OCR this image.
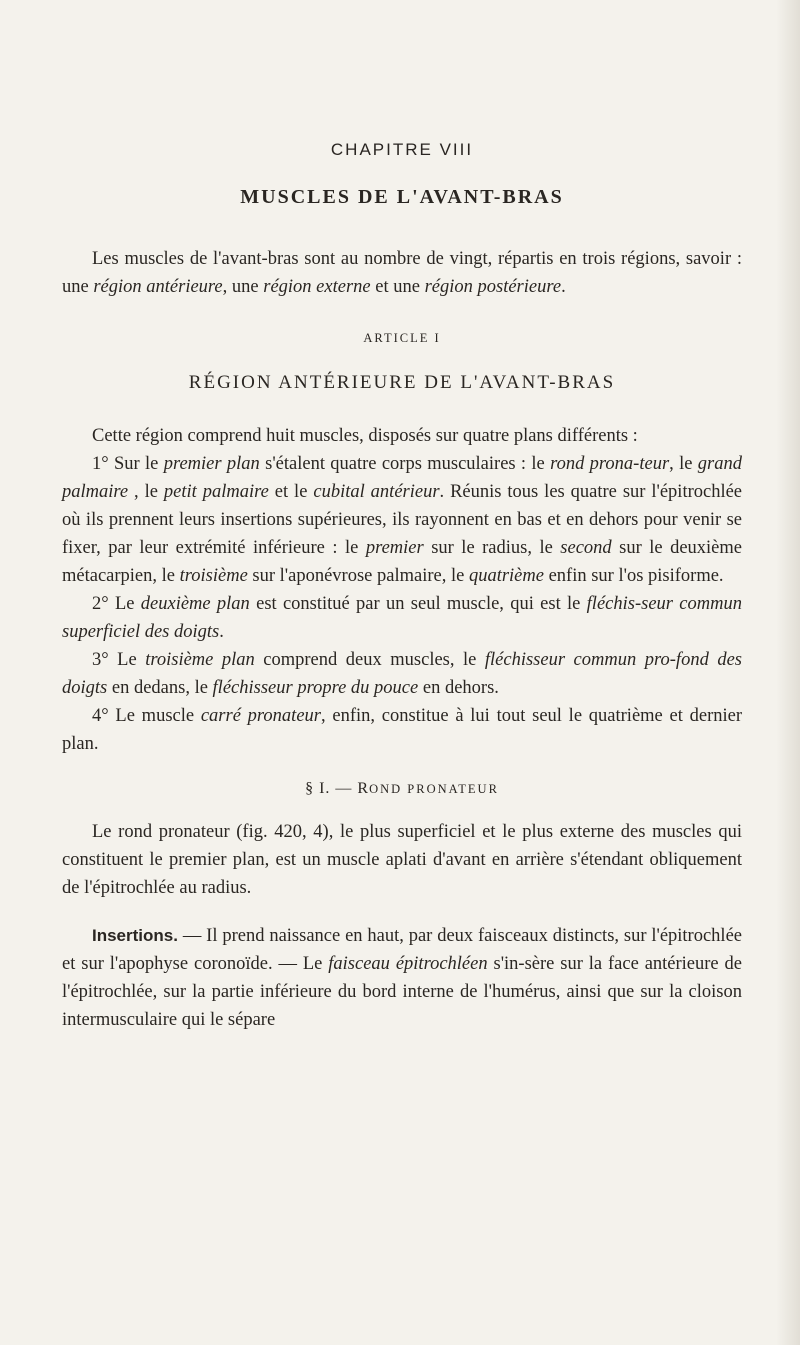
CHAPITRE VIII
MUSCLES DE L'AVANT-BRAS

Les muscles de l'avant-bras sont au nombre de vingt, répartis en trois régions, savoir : une région antérieure, une région externe et une région postérieure.

ARTICLE I
RÉGION ANTÉRIEURE DE L'AVANT-BRAS

Cette région comprend huit muscles, disposés sur quatre plans différents :

1° Sur le premier plan s'étalent quatre corps musculaires : le rond prona-teur, le grand palmaire , le petit palmaire et le cubital antérieur. Réunis tous les quatre sur l'épitrochlée où ils prennent leurs insertions supérieures, ils rayonnent en bas et en dehors pour venir se fixer, par leur extrémité inférieure : le premier sur le radius, le second sur le deuxième métacarpien, le troisième sur l'aponévrose palmaire, le quatrième enfin sur l'os pisiforme.

2° Le deuxième plan est constitué par un seul muscle, qui est le fléchis-seur commun superficiel des doigts.

3° Le troisième plan comprend deux muscles, le fléchisseur commun pro-fond des doigts en dedans, le fléchisseur propre du pouce en dehors.

4° Le muscle carré pronateur, enfin, constitue à lui tout seul le quatrième et dernier plan.

§ I. — ROND PRONATEUR

Le rond pronateur (fig. 420, 4), le plus superficiel et le plus externe des muscles qui constituent le premier plan, est un muscle aplati d'avant en arrière s'étendant obliquement de l'épitrochlée au radius.

Insertions. — Il prend naissance en haut, par deux faisceaux distincts, sur l'épitrochlée et sur l'apophyse coronoïde. — Le faisceau épitrochléen s'in-sère sur la face antérieure de l'épitrochlée, sur la partie inférieure du bord interne de l'humérus, ainsi que sur la cloison intermusculaire qui le sépare
